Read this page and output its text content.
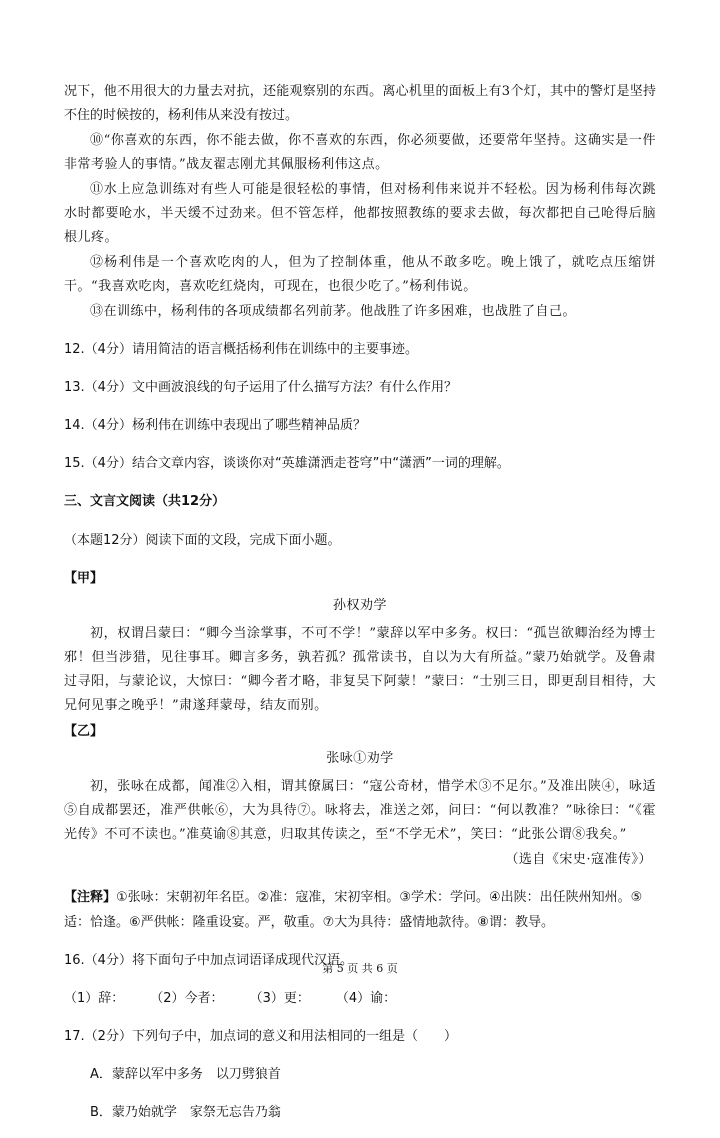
况下，他不用很大的力量去对抗，还能观察别的东西。离心机里的面板上有3个灯，其中的警灯是坚持不住的时候按的，杨利伟从来没有按过。

⑩“你喜欢的东西，你不能去做，你不喜欢的东西，你必须要做，还要常年坚持。这确实是一件非常考验人的事情。”战友翟志刚尤其佩服杨利伟这点。

⑪水上应急训练对有些人可能是很轻松的事情，但对杨利伟来说并不轻松。因为杨利伟每次跳水时都要呛水，半天缓不过劲来。但不管怎样，他都按照教练的要求去做，每次都把自己呛得后脑根儿疼。

⑫杨利伟是一个喜欢吃肉的人，但为了控制体重，他从不敢多吃。晚上饿了，就吃点压缩饼干。“我喜欢吃肉，喜欢吃红烧肉，可现在，也很少吃了。”杨利伟说。

⑬在训练中，杨利伟的各项成绩都名列前茅。他战胜了许多困难，也战胜了自己。

12.（4分）请用简洁的语言概括杨利伟在训练中的主要事迹。

13.（4分）文中画波浪线的句子运用了什么描写方法？有什么作用？

14.（4分）杨利伟在训练中表现出了哪些精神品质？

15.（4分）结合文章内容，谈谈你对“英雄潇洒走苍穹”中“潇洒”一词的理解。

三、文言文阅读（共12分）

（本题12分）阅读下面的文段，完成下面小题。

【甲】
孙权劝学

初，权谓吕蒙曰：“卿今当涂掌事，不可不学！”蒙辞以军中多务。权曰：“孤岂欲卿治经为博士邪！但当涉猎，见往事耳。卿言多务，孰若孤？孤常读书，自以为大有所益。”蒙乃始就学。及鲁肃过寻阳，与蒙论议，大惊曰：“卿今者才略，非复吴下阿蒙！”蒙曰：“士别三日，即更刮目相待，大兄何见事之晚乎！”肃遂拜蒙母，结友而别。

【乙】
张咏①劝学

初，张咏在成都，闻准②入相，谓其僚属曰：“寇公奇材，惜学术③不足尔。”及准出陕④，咏适⑤自成都罢还，准严供帐⑥，大为具待⑦。咏将去，准送之郊，问曰：“何以教准？”咏徐曰：“《霍光传》不可不读也。”准莫谕⑧其意，归取其传读之，至“不学无术”，笑曰：“此张公谓⑧我矣。”

（选自《宋史·寇准传》）

【注释】①张咏：宋朝初年名臣。②准：寇准，宋初宰相。③学术：学问。④出陕：出任陕州知州。⑤适：恰逢。⑥严供帐：隆重设宴。严，敬重。⑦大为具待：盛情地款待。⑧谓：教导。

16.（4分）将下面句子中加点词语译成现代汉语。

（1）辞： （2）今者： （3）更： （4）谕：

17.（2分）下列句子中，加点词的意义和用法相同的一组是（　　）

A．蒙辞以军中多务　以刀劈狼首

B．蒙乃始就学　家祭无忘告乃翁

第 5 页 共 6 页
